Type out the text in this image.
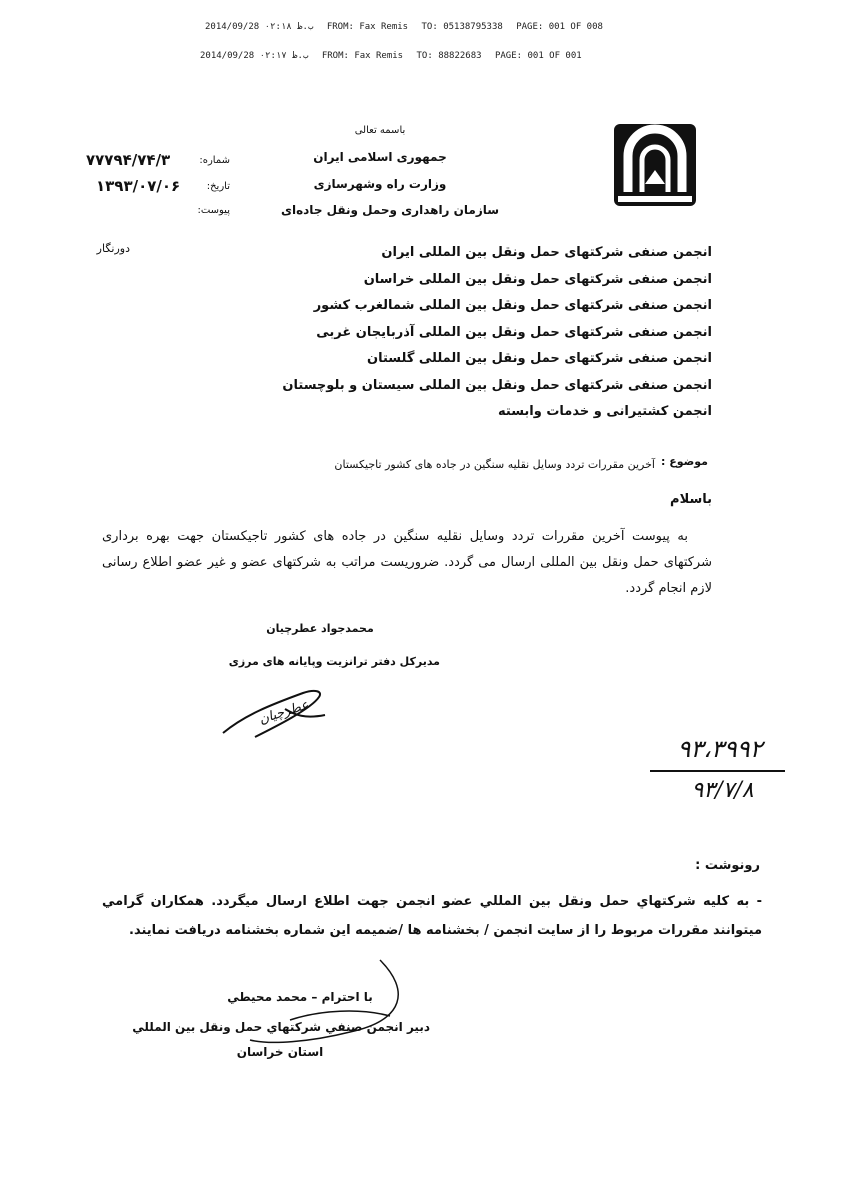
2014/09/28 ب.ظ ۰۲:۱۸ FROM: Fax Remis TO: 05138795338 PAGE: 001 OF 008
2014/09/28 ب.ظ ۰۲:۱۷ FROM: Fax Remis TO: 88822683 PAGE: 001 OF 001
باسمه تعالی
جمهوری اسلامی ایران
وزارت راه وشهرسازی
سازمان راهداری وحمل ونقل جاده‌ای
شماره:
۷۷۷۹۴/۷۴/۳
تاریخ:
۱۳۹۳/۰۷/۰۶
پیوست:
دورنگار	انجمن صنفی شرکتهای حمل ونقل بین المللی ایران
انجمن صنفی شرکتهای حمل ونقل بین المللی خراسان
انجمن صنفی شرکتهای حمل ونقل بین المللی شمالغرب کشور
انجمن صنفی شرکتهای حمل ونقل بین المللی آذربایجان غربی
انجمن صنفی شرکتهای حمل ونقل بین المللی گلستان
انجمن صنفی شرکتهای حمل ونقل بین المللی سیستان و بلوچستان
انجمن کشتیرانی و خدمات وابسته
موضوع :
آخرین مقررات تردد وسایل نقلیه سنگین در جاده های کشور تاجیکستان
باسلام
به پیوست آخرین مقررات تردد وسایل نقلیه سنگین در جاده های کشور تاجیکستان جهت بهره برداری شرکتهای حمل ونقل بین المللی ارسال می گردد. ضروریست مراتب به شرکتهای عضو و غیر عضو اطلاع رسانی لازم انجام گردد.
محمدجواد عطرچیان
مدیرکل دفتر ترانزیت وپایانه های مرزی
عطرچیان
۹۳،۳۹۹۲
۹۳/۷/۸
رونوشت :
- به کلیه شرکتهاي حمل ونقل بين المللي عضو انجمن جهت اطلاع ارسال ميگردد. همکاران گرامي ميتوانند مقررات مربوط را از سايت انجمن / بخشنامه ها /ضميمه اين شماره بخشنامه دريافت نمايند.
با احترام – محمد محيطي
دبير انجمن صنفي شرکتهاي حمل ونقل بين المللي
استان خراسان
